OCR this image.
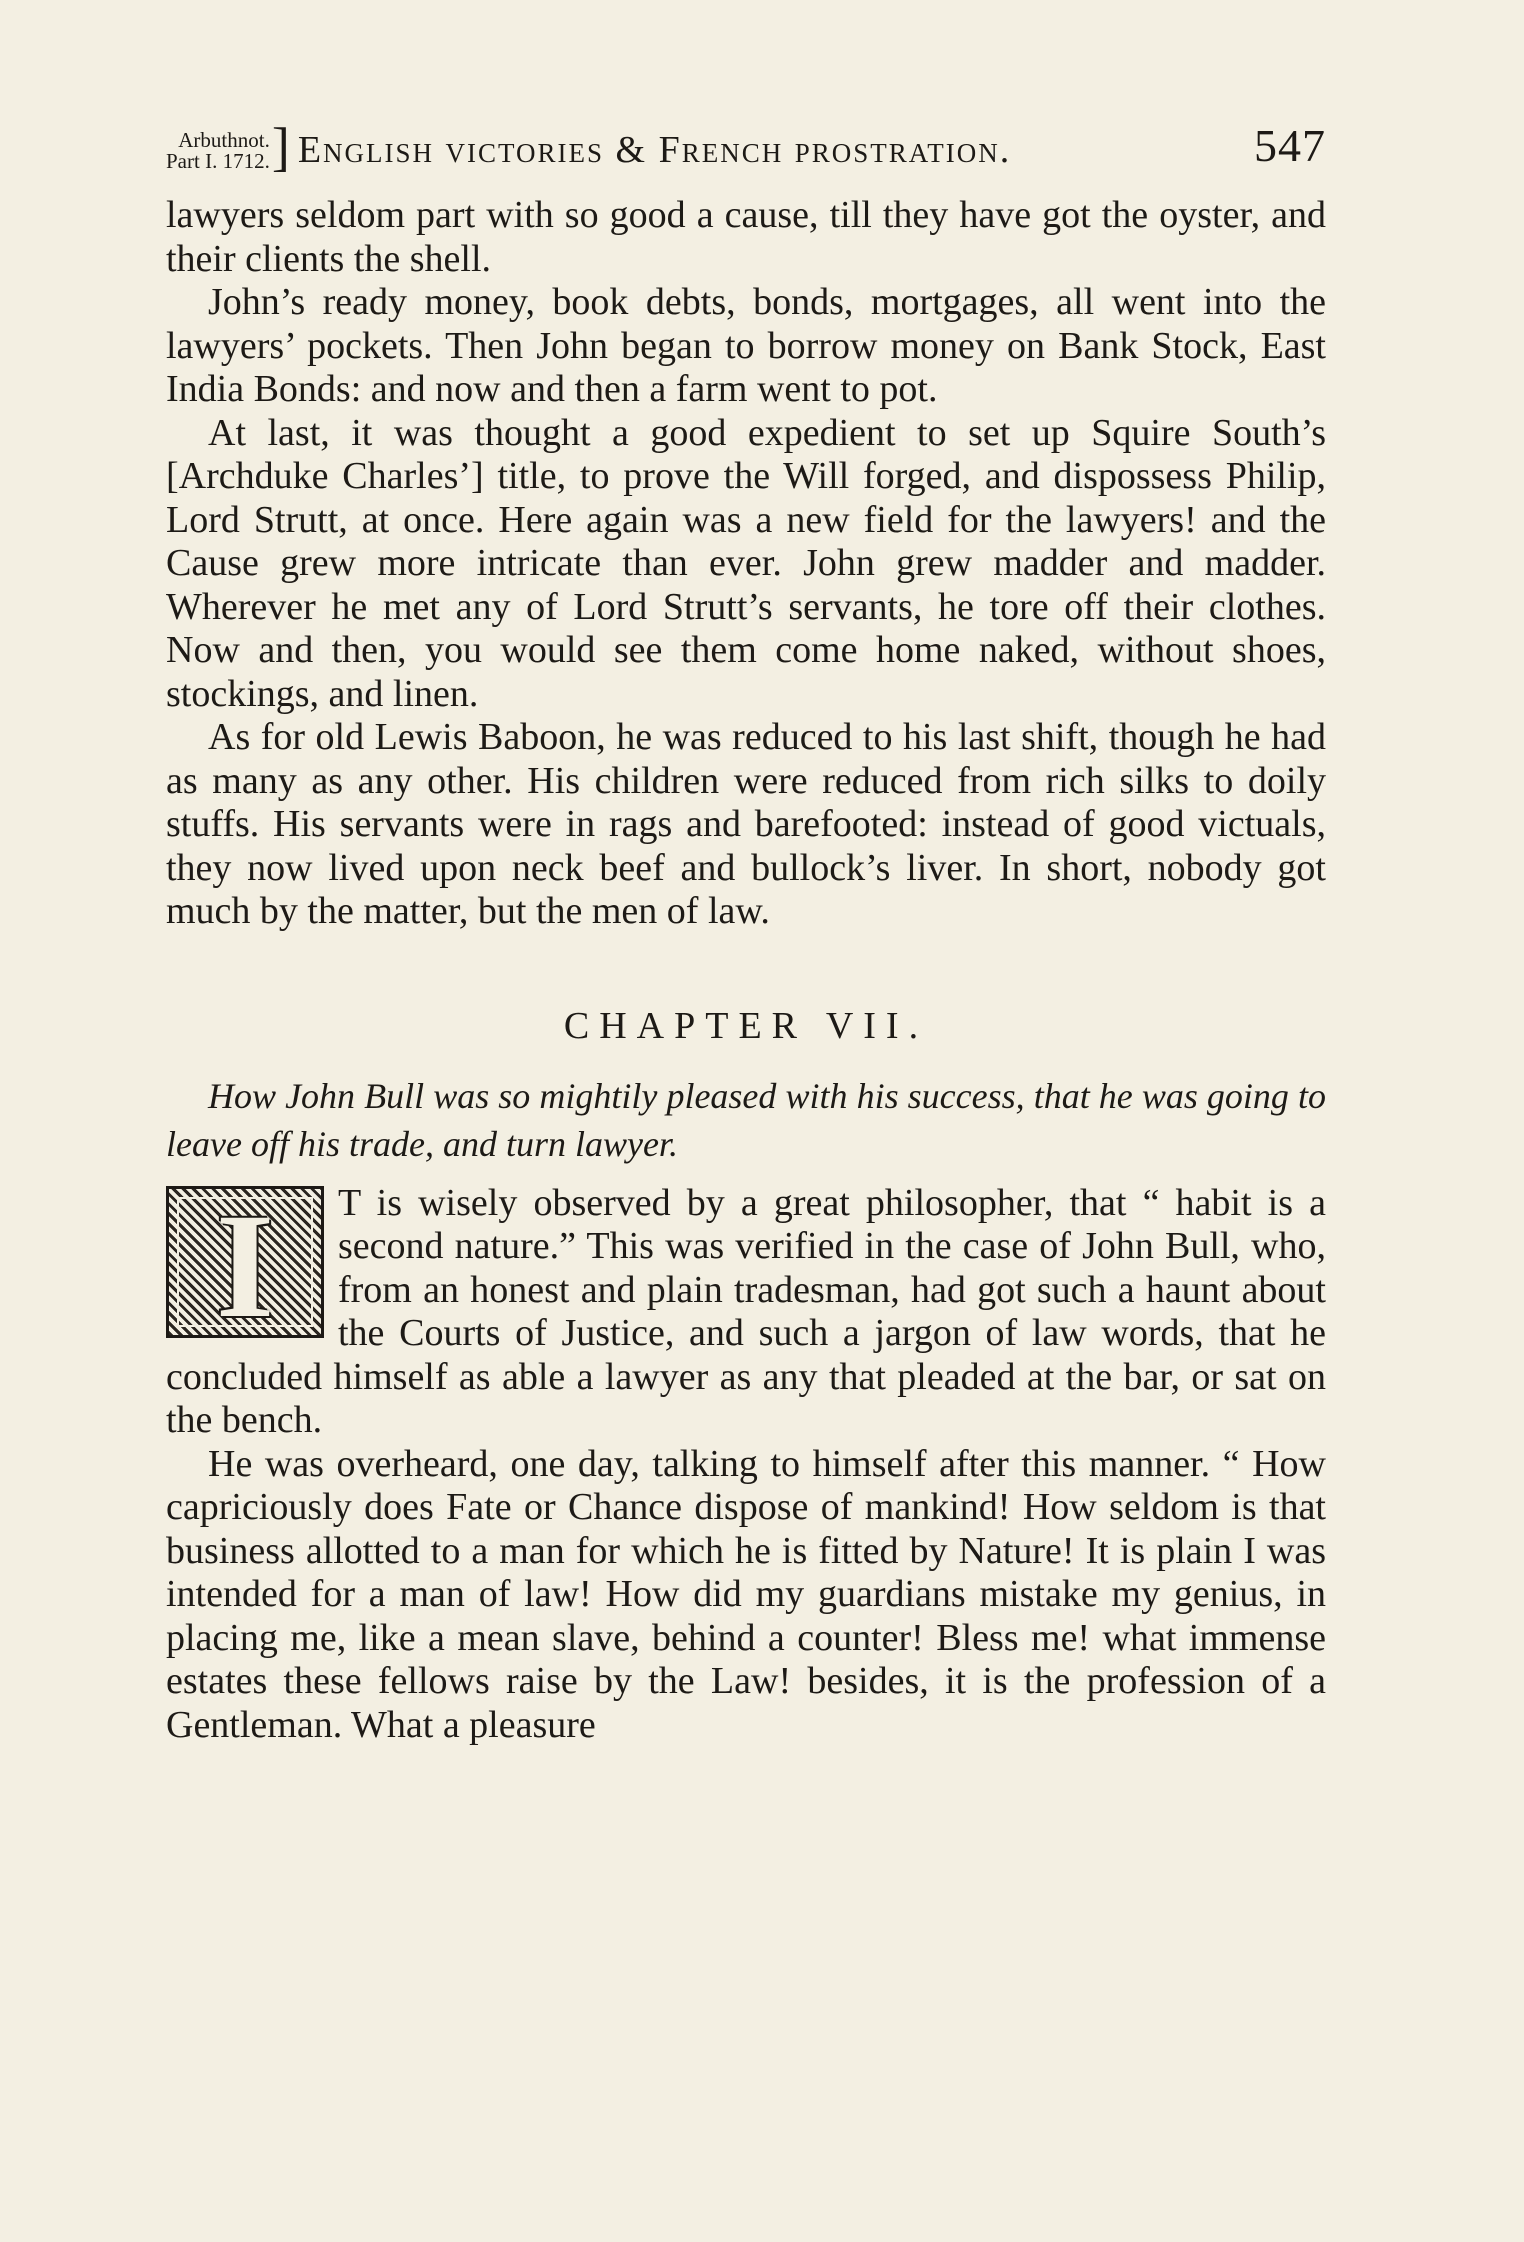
Arbuthnot.
Part I. 1712. ] English victories & French prostration.	547

lawyers seldom part with so good a cause, till they have got the oyster, and their clients the shell.

John’s ready money, book debts, bonds, mortgages, all went into the lawyers’ pockets. Then John began to borrow money on Bank Stock, East India Bonds: and now and then a farm went to pot.

At last, it was thought a good expedient to set up Squire South’s [Archduke Charles’] title, to prove the Will forged, and dispossess Philip, Lord Strutt, at once. Here again was a new field for the lawyers! and the Cause grew more intricate than ever. John grew madder and madder. Wherever he met any of Lord Strutt’s servants, he tore off their clothes. Now and then, you would see them come home naked, without shoes, stockings, and linen.

As for old Lewis Baboon, he was reduced to his last shift, though he had as many as any other. His children were reduced from rich silks to doily stuffs. His servants were in rags and barefooted: instead of good victuals, they now lived upon neck beef and bullock’s liver. In short, nobody got much by the matter, but the men of law.

CHAPTER VII.
How John Bull was so mightily pleased with his success, that he was going to leave off his trade, and turn lawyer.
I	T is wisely observed by a great philosopher, that “ habit is a second nature.” This was verified in the case of John Bull, who, from an honest and plain tradesman, had got such a haunt about the Courts of Justice, and such a jargon of law words, that he concluded himself as able a lawyer as any that pleaded at the bar, or sat on the bench.

He was overheard, one day, talking to himself after this manner. “ How capriciously does Fate or Chance dispose of mankind! How seldom is that business allotted to a man for which he is fitted by Nature! It is plain I was intended for a man of law! How did my guardians mistake my genius, in placing me, like a mean slave, behind a counter! Bless me! what immense estates these fellows raise by the Law! besides, it is the profession of a Gentleman. What a pleasure
